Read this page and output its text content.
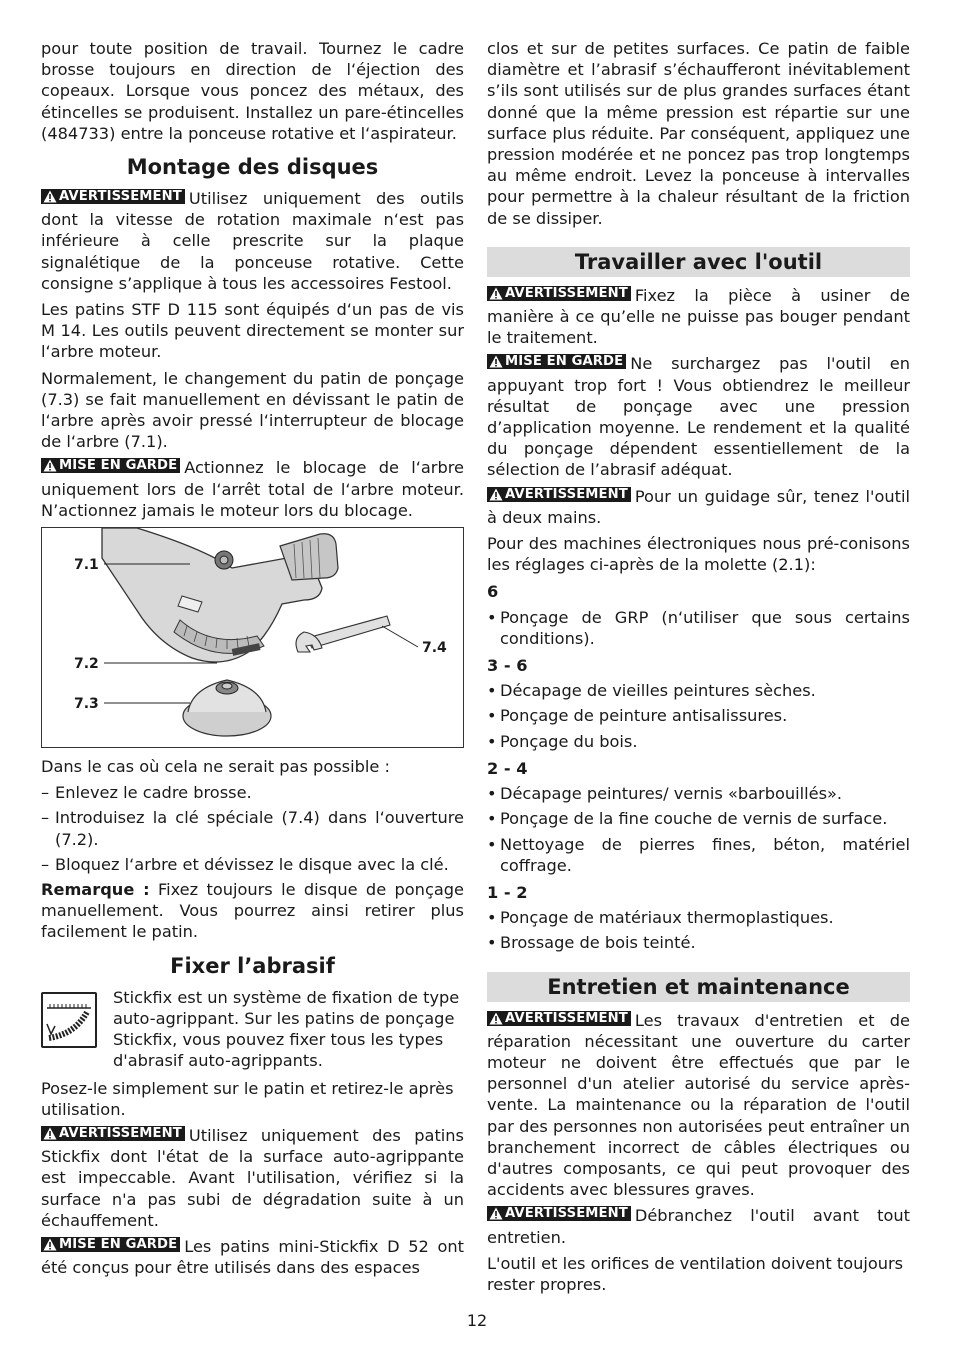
pour toute position de travail. Tournez le cadre brosse toujours en direction de l‘éjection des copeaux. Lorsque vous poncez des métaux, des étincelles se produisent. Installez un pare-étincelles (484733) entre la ponceuse rotative et l‘aspirateur.

Montage des disques

AVERTISSEMENT Utilisez uniquement des outils dont la vitesse de rotation maximale n‘est pas inférieure à celle prescrite sur la plaque signalétique de la ponceuse rotative. Cette consigne s’applique à tous les accessoires Festool.

Les patins STF D 115 sont équipés d‘un pas de vis M 14. Les outils peuvent directement se monter sur l‘arbre moteur.

Normalement, le changement du patin de ponçage (7.3) se fait manuellement en dévissant le patin de l‘arbre après avoir pressé l‘interrupteur de blocage de l‘arbre (7.1).

MISE EN GARDE Actionnez le blocage de l‘arbre uniquement lors de l‘arrêt total de l‘arbre moteur. N’actionnez jamais le moteur lors du blocage.

7.1
7.2
7.3
7.4

Dans le cas où cela ne serait pas possible :

– Enlevez le cadre brosse.
– Introduisez la clé spéciale (7.4) dans l‘ouverture (7.2).
– Bloquez l‘arbre et dévissez le disque avec la clé.

Remarque : Fixez toujours le disque de ponçage manuellement. Vous pourrez ainsi retirer plus facilement le patin.

Fixer l’abrasif
Stickfix est un système de fixation de type auto-agrippant. Sur les patins de ponçage Stickfix, vous pouvez fixer tous les types d'abrasif auto-agrippants.

Posez-le simplement sur le patin et retirez-le après utilisation.

AVERTISSEMENT Utilisez uniquement des patins Stickfix dont l'état de la surface auto-agrippante est impeccable. Avant l'utilisation, vérifiez si la surface n'a pas subi de dégradation suite à un échauffement.

MISE EN GARDE Les patins mini-Stickfix D 52 ont été conçus pour être utilisés dans des espaces

clos et sur de petites surfaces. Ce patin de faible diamètre et l’abrasif s’échaufferont inévitablement s’ils sont utilisés sur de plus grandes surfaces étant donné que la même pression est répartie sur une surface plus réduite. Par conséquent, appliquez une pression modérée et ne poncez pas trop longtemps au même endroit. Levez la ponceuse à intervalles pour permettre à la chaleur résultant de la friction de se dissiper.

Travailler avec l'outil

AVERTISSEMENT Fixez la pièce à usiner de manière à ce qu’elle ne puisse pas bouger pendant le traitement.

MISE EN GARDE Ne surchargez pas l'outil en appuyant trop fort ! Vous obtiendrez le meilleur résultat de ponçage avec une pression d’application moyenne. Le rendement et la qualité du ponçage dépendent essentiellement de la sélection de l’abrasif adéquat.

AVERTISSEMENT Pour un guidage sûr, tenez l'outil à deux mains.

Pour des machines électroniques nous pré-conisons les réglages ci-après de la molette (2.1):

6
• Ponçage de GRP (n‘utiliser que sous certains conditions).
3 - 6
• Décapage de vieilles peintures sèches.
• Ponçage de peinture antisalissures.
• Ponçage du bois.
2 - 4
• Décapage peintures/ vernis «barbouillés».
• Ponçage de la fine couche de vernis de surface.
• Nettoyage de pierres fines, béton, matériel coffrage.
1 - 2
• Ponçage de matériaux thermoplastiques.
• Brossage de bois teinté.
Entretien et maintenance

AVERTISSEMENT Les travaux d'entretien et de réparation nécessitant une ouverture du carter moteur ne doivent être effectués que par le personnel d'un atelier autorisé du service après-vente. La maintenance ou la réparation de l'outil par des personnes non autorisées peut entraîner un branchement incorrect de câbles électriques ou d'autres composants, ce qui peut provoquer des accidents avec blessures graves.

AVERTISSEMENT Débranchez l'outil avant tout entretien.

L'outil et les orifices de ventilation doivent toujours rester propres.

12
